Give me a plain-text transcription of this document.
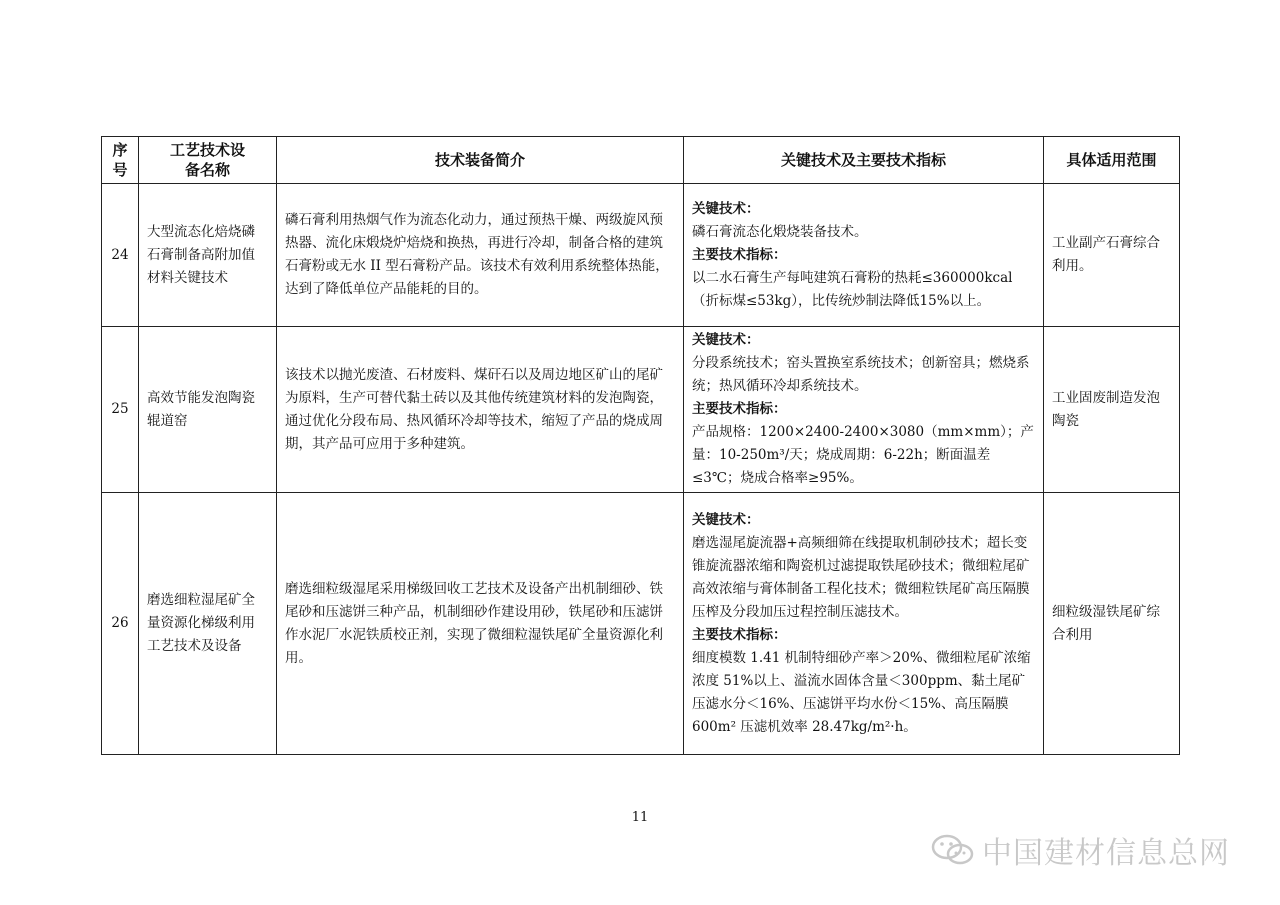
序号	工艺技术设备名称	技术装备简介	关键技术及主要技术指标	具体适用范围
24	大型流态化焙烧磷石膏制备高附加值材料关键技术	磷石膏利用热烟气作为流态化动力，通过预热干燥、两级旋风预热器、流化床煅烧炉焙烧和换热，再进行冷却，制备合格的建筑石膏粉或无水 II 型石膏粉产品。该技术有效利用系统整体热能，达到了降低单位产品能耗的目的。	关键技术：
磷石膏流态化煅烧装备技术。
主要技术指标：
以二水石膏生产每吨建筑石膏粉的热耗≤360000kcal（折标煤≤53kg），比传统炒制法降低15%以上。	工业副产石膏综合利用。
25	高效节能发泡陶瓷辊道窑	该技术以抛光废渣、石材废料、煤矸石以及周边地区矿山的尾矿为原料，生产可替代黏土砖以及其他传统建筑材料的发泡陶瓷，通过优化分段布局、热风循环冷却等技术，缩短了产品的烧成周期，其产品可应用于多种建筑。	关键技术：
分段系统技术；窑头置换室系统技术；创新窑具；燃烧系统；热风循环冷却系统技术。
主要技术指标：
产品规格：1200×2400-2400×3080（mm×mm）；产量：10-250m³/天；烧成周期：6-22h；断面温差≤3℃；烧成合格率≥95%。	工业固废制造发泡陶瓷
26	磨选细粒湿尾矿全量资源化梯级利用工艺技术及设备	磨选细粒级湿尾采用梯级回收工艺技术及设备产出机制细砂、铁尾砂和压滤饼三种产品，机制细砂作建设用砂，铁尾砂和压滤饼作水泥厂水泥铁质校正剂，实现了微细粒湿铁尾矿全量资源化利用。	关键技术：
磨选湿尾旋流器+高频细筛在线提取机制砂技术；超长变锥旋流器浓缩和陶瓷机过滤提取铁尾砂技术；微细粒尾矿高效浓缩与膏体制备工程化技术；微细粒铁尾矿高压隔膜压榨及分段加压过程控制压滤技术。
主要技术指标：
细度模数 1.41 机制特细砂产率＞20%、微细粒尾矿浓缩浓度 51%以上、溢流水固体含量＜300ppm、黏土尾矿压滤水分＜16%、压滤饼平均水份＜15%、高压隔膜 600m² 压滤机效率 28.47kg/m²·h。	细粒级湿铁尾矿综合利用
11
中国建材信息总网
